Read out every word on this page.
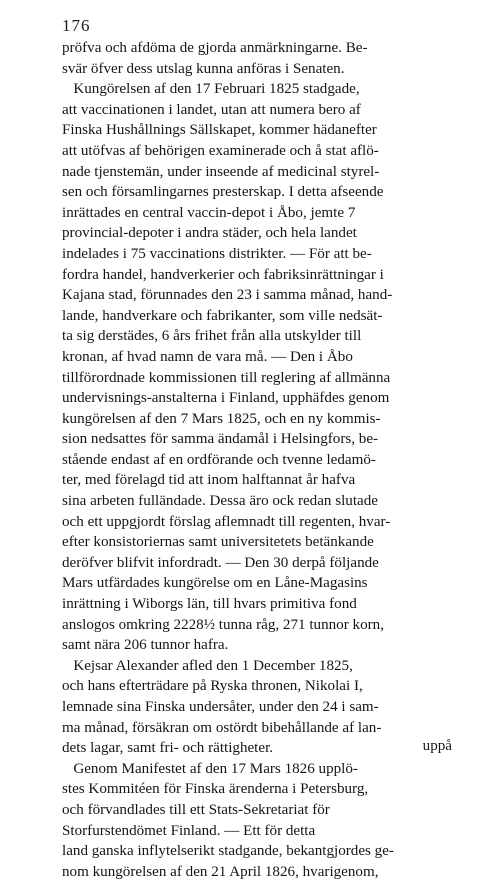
176
pröfva och afdöma de gjorda anmärkningarne. Be-
svär öfver dess utslag kunna anföras i Senaten.
Kungörelsen af den 17 Februari 1825 stadgade,
att vaccinationen i landet, utan att numera bero af
Finska Hushållnings Sällskapet, kommer hädanefter
att utöfvas af behörigen examinerade och å stat aflö-
nade tjenstemän, under inseende af medicinal styrel-
sen och församlingarnes presterskap. I detta afseende
inrättades en central vaccin-depot i Åbo, jemte 7
provincial-depoter i andra städer, och hela landet
indelades i 75 vaccinations distrikter. — För att be-
fordra handel, handverkerier och fabriksinrättningar i
Kajana stad, förunnades den 23 i samma månad, hand-
lande, handverkare och fabrikanter, som ville nedsät-
ta sig derstädes, 6 års frihet från alla utskylder till
kronan, af hvad namn de vara må. — Den i Åbo
tillförordnade kommissionen till reglering af allmänna
undervisnings-anstalterna i Finland, upphäfdes genom
kungörelsen af den 7 Mars 1825, och en ny kommis-
sion nedsattes för samma ändamål i Helsingfors, be-
stående endast af en ordförande och tvenne ledamö-
ter, med förelagd tid att inom halftannat år hafva
sina arbeten fulländade. Dessa äro ock redan slutade
och ett uppgjordt förslag aflemnadt till regenten, hvar-
efter konsistoriernas samt universitetets betänkande
deröfver blifvit infordradt. — Den 30 derpå följande
Mars utfärdades kungörelse om en Låne-Magasins
inrättning i Wiborgs län, till hvars primitiva fond
anslogos omkring 2228½ tunna råg, 271 tunnor korn,
samt nära 206 tunnor hafra.
Kejsar Alexander afled den 1 December 1825,
och hans efterträdare på Ryska thronen, Nikolai I,
lemnade sina Finska undersåter, under den 24 i sam-
ma månad, försäkran om ostördt bibehållande af lan-
dets lagar, samt fri- och rättigheter.
Genom Manifestet af den 17 Mars 1826 upplö-
stes Kommitéen för Finska ärenderna i Petersburg,
och förvandlades till ett Stats-Sekretariat för
Storfurstendömet Finland. — Ett för detta
land ganska inflytelserikt stadgande, bekantgjordes ge-
nom kungörelsen af den 21 April 1826, hvarigenom,
uppå
